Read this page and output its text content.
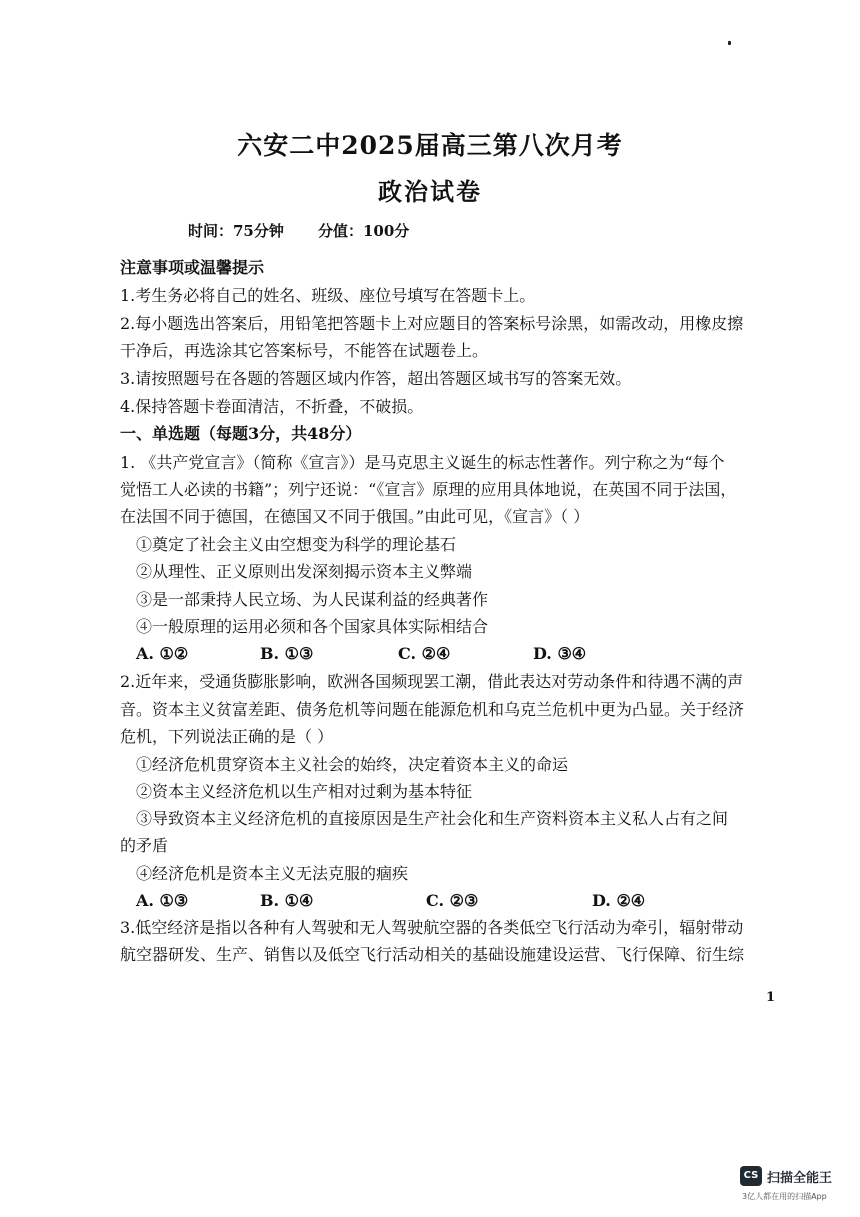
六安二中2025届高三第八次月考
政治试卷
时间：75分钟 分值：100分
注意事项或温馨提示
1.考生务必将自己的姓名、班级、座位号填写在答题卡上。
2.每小题选出答案后，用铅笔把答题卡上对应题目的答案标号涂黑，如需改动，用橡皮擦
干净后，再选涂其它答案标号，不能答在试题卷上。
3.请按照题号在各题的答题区域内作答，超出答题区域书写的答案无效。
4.保持答题卡卷面清洁，不折叠，不破损。
一、单选题（每题3分，共48分）
1. 《共产党宣言》（简称《宣言》）是马克思主义诞生的标志性著作。列宁称之为“每个
觉悟工人必读的书籍”；列宁还说：“《宣言》原理的应用具体地说，在英国不同于法国，
在法国不同于德国，在德国又不同于俄国。”由此可见，《宣言》（ ）
①奠定了社会主义由空想变为科学的理论基石
②从理性、正义原则出发深刻揭示资本主义弊端
③是一部秉持人民立场、为人民谋利益的经典著作
④一般原理的运用必须和各个国家具体实际相结合
A. ①②	B. ①③	C. ②④	D. ③④
2.近年来，受通货膨胀影响，欧洲各国频现罢工潮，借此表达对劳动条件和待遇不满的声
音。资本主义贫富差距、债务危机等问题在能源危机和乌克兰危机中更为凸显。关于经济
危机，下列说法正确的是（ ）
①经济危机贯穿资本主义社会的始终，决定着资本主义的命运
②资本主义经济危机以生产相对过剩为基本特征
③导致资本主义经济危机的直接原因是生产社会化和生产资料资本主义私人占有之间
的矛盾
④经济危机是资本主义无法克服的痼疾
A. ①③	B. ①④	C. ②③	D. ②④
3.低空经济是指以各种有人驾驶和无人驾驶航空器的各类低空飞行活动为牵引，辐射带动
航空器研发、生产、销售以及低空飞行活动相关的基础设施建设运营、飞行保障、衍生综
1
CS 扫描全能王
3亿人都在用的扫描App
